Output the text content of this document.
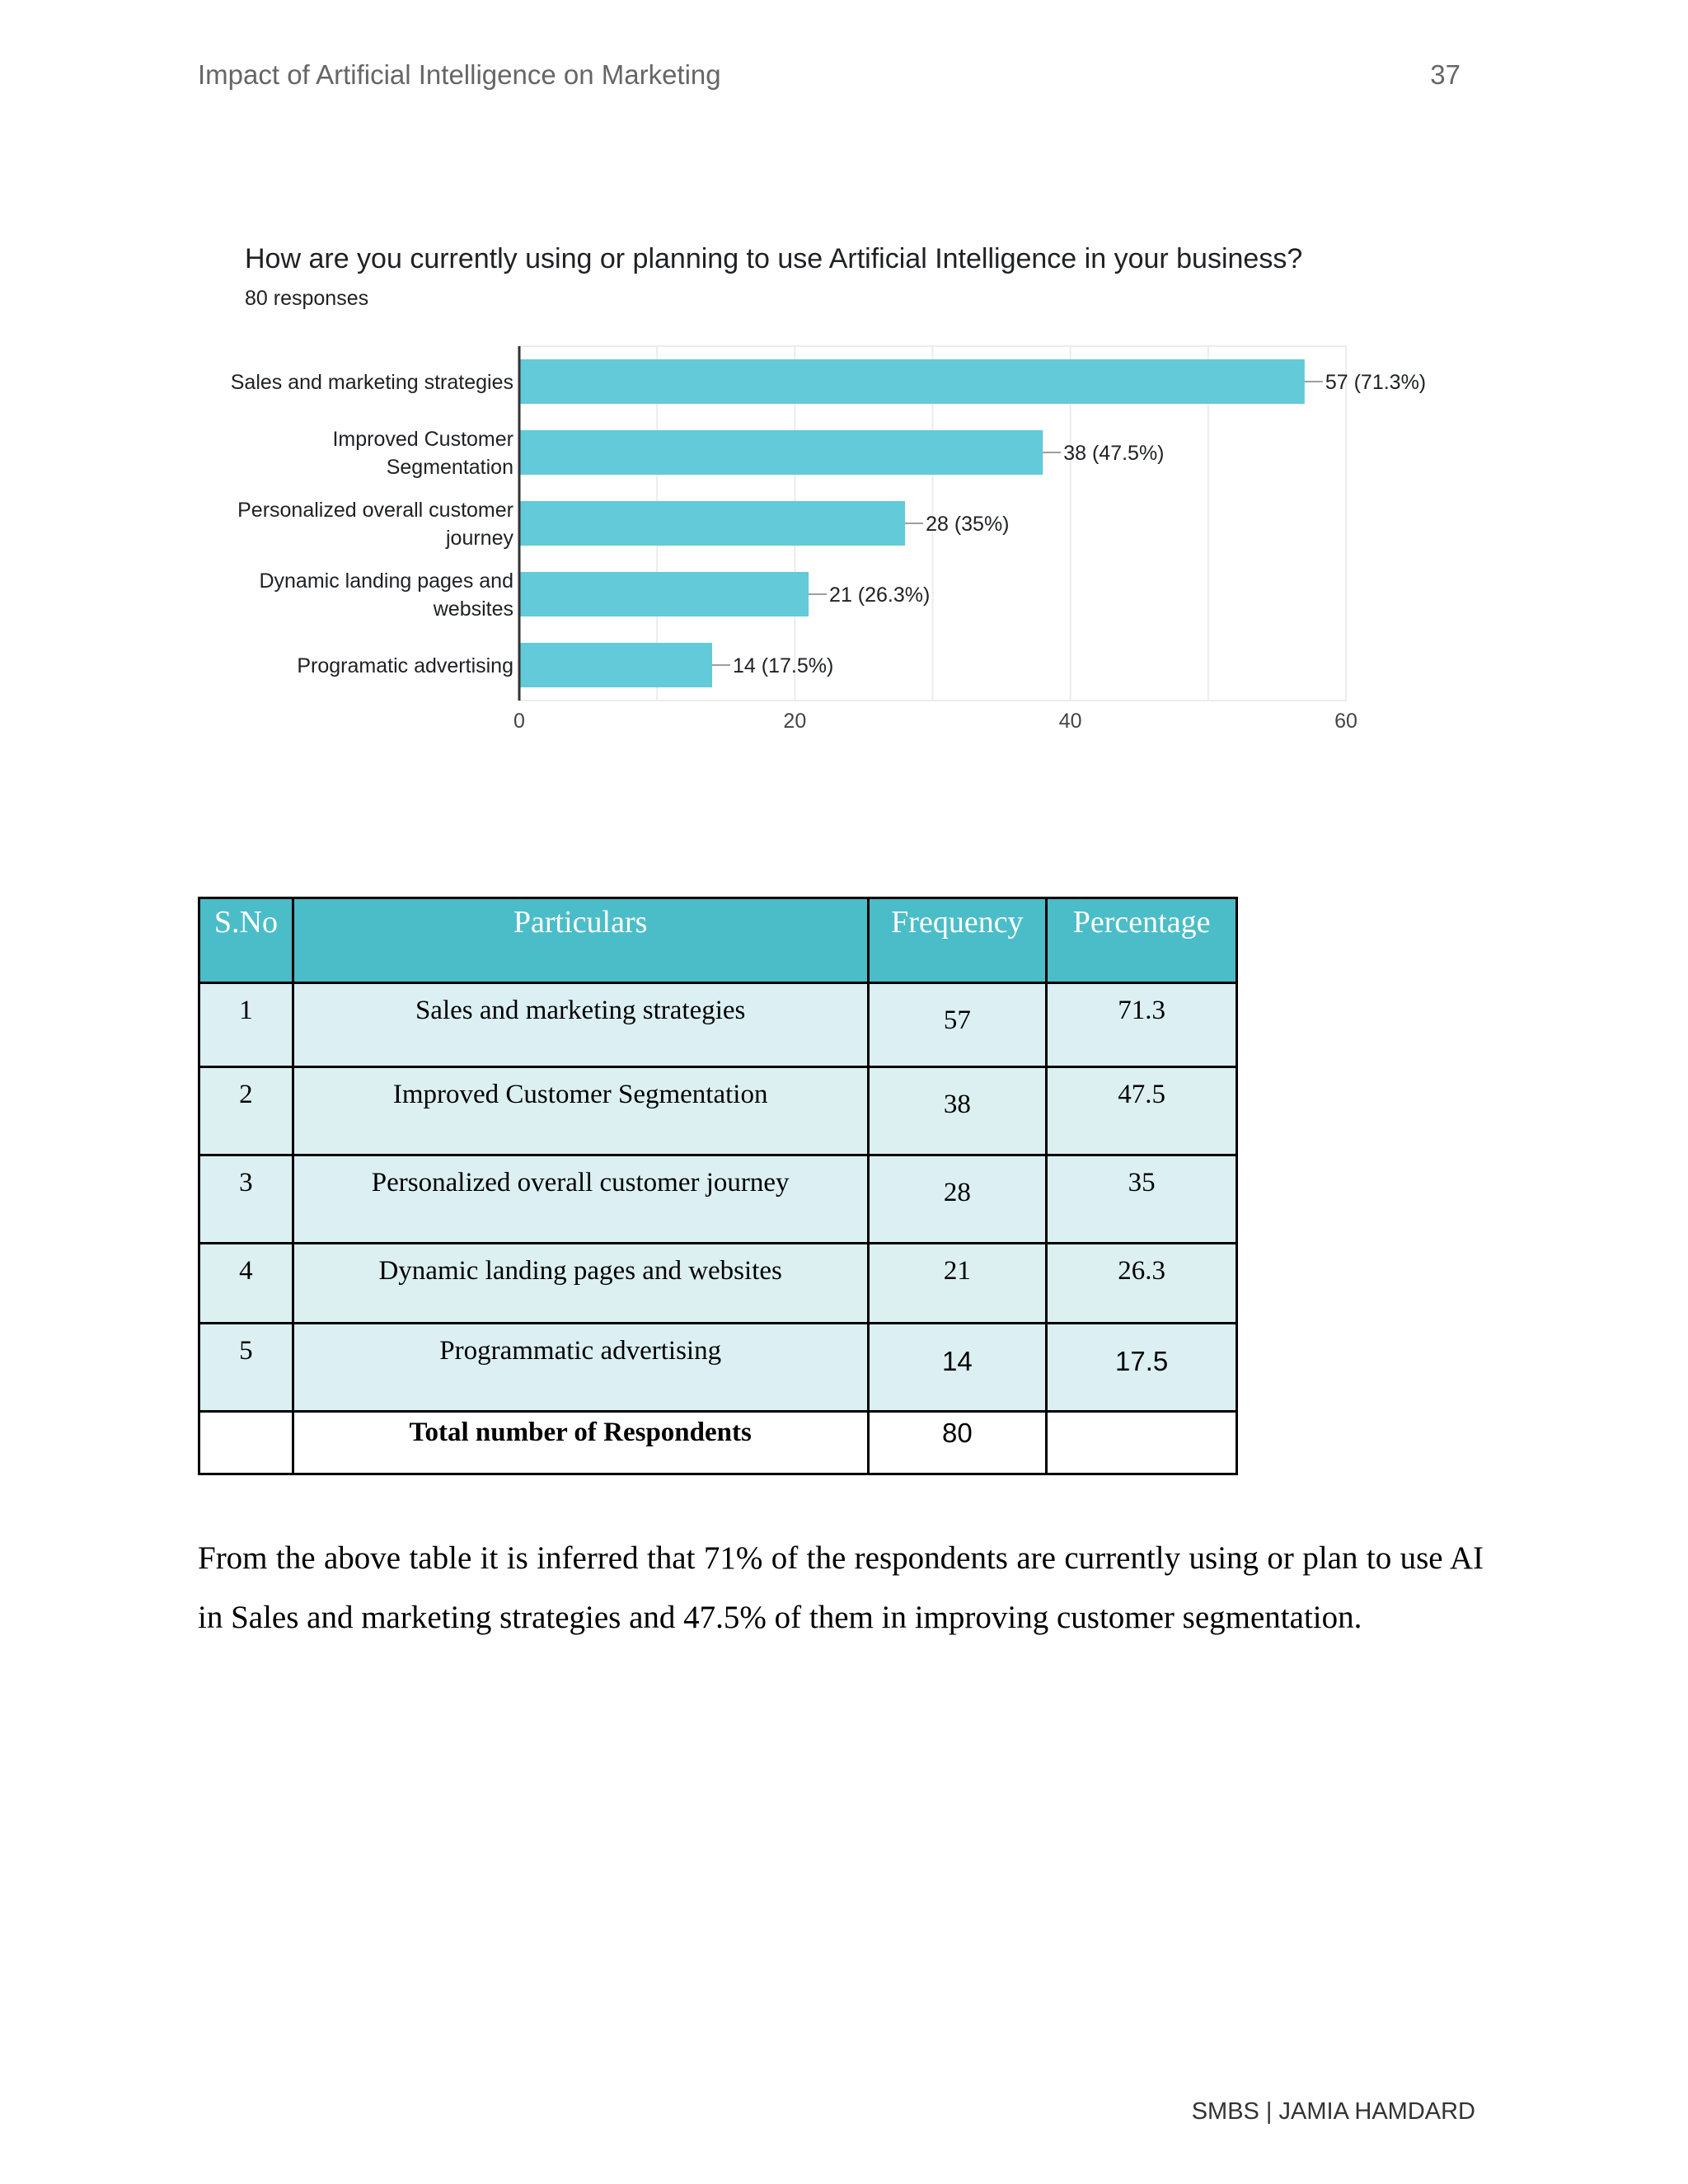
Impact of Artificial Intelligence on Marketing	37
How are you currently using or planning to use Artificial Intelligence in your business?
80 responses
57 (71.3%)
Sales and marketing strategies
38 (47.5%)
Improved Customer
Segmentation
28 (35%)
Personalized overall customer
journey
21 (26.3%)
Dynamic landing pages and
websites
14 (17.5%)
Programatic advertising
0	20	40	60
S.No	Particulars	Frequency	Percentage
1	Sales and marketing strategies	57	71.3
2	Improved Customer Segmentation	38	47.5
3	Personalized overall customer journey	28	35
4	Dynamic landing pages and websites	21	26.3
5	Programmatic advertising	14	17.5
	Total number of Respondents	80	
From the above table it is inferred that 71% of the respondents are currently using or plan to use AI in Sales and marketing strategies and 47.5% of them in improving customer segmentation.
SMBS | JAMIA HAMDARD
